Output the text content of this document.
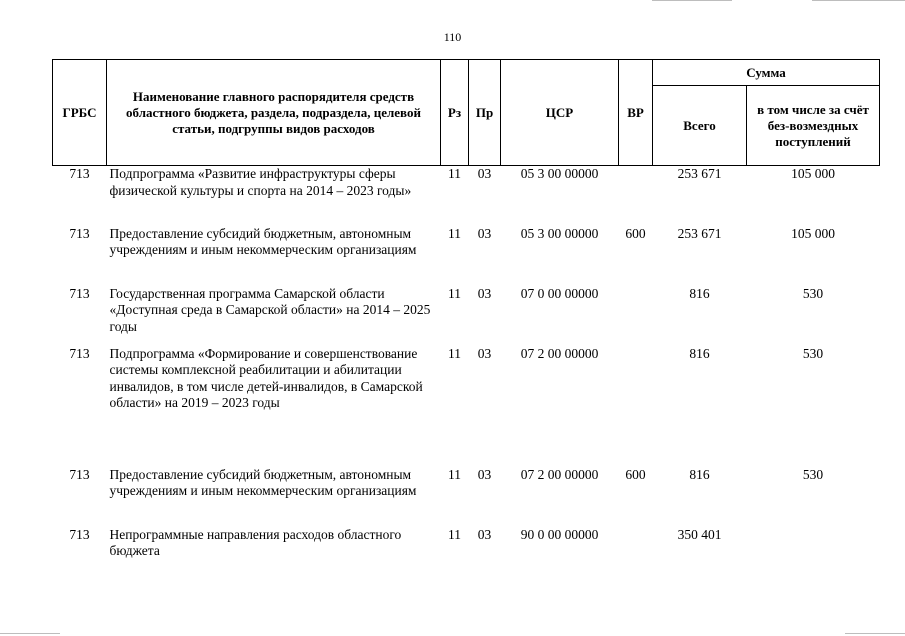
110
ГРБС	Наименование главного распорядителя средств областного бюджета, раздела, подраздела, целевой статьи, подгруппы видов расходов	Рз	Пр	ЦСР	ВР	Сумма	
						Всего	в том числе за счёт без-возмездных поступлений
713	Подпрограмма «Развитие инфраструктуры сферы физической культуры и спорта на 2014 – 2023 годы»	11	03	05 3 00 00000		253 671	105 000
713	Предоставление субсидий бюджетным, автономным учреждениям и иным некоммерческим организациям	11	03	05 3 00 00000	600	253 671	105 000
713	Государственная программа Самарской области «Доступная среда в Самарской области» на 2014 – 2025 годы	11	03	07 0 00 00000		816	530
713	Подпрограмма «Формирование и совершенствование системы комплексной реабилитации и абилитации инвалидов, в том числе детей-инвалидов, в Самарской области» на 2019 – 2023 годы	11	03	07 2 00 00000		816	530
713	Предоставление субсидий бюджетным, автономным учреждениям и иным некоммерческим организациям	11	03	07 2 00 00000	600	816	530
713	Непрограммные направления расходов областного бюджета	11	03	90 0 00 00000		350 401	
